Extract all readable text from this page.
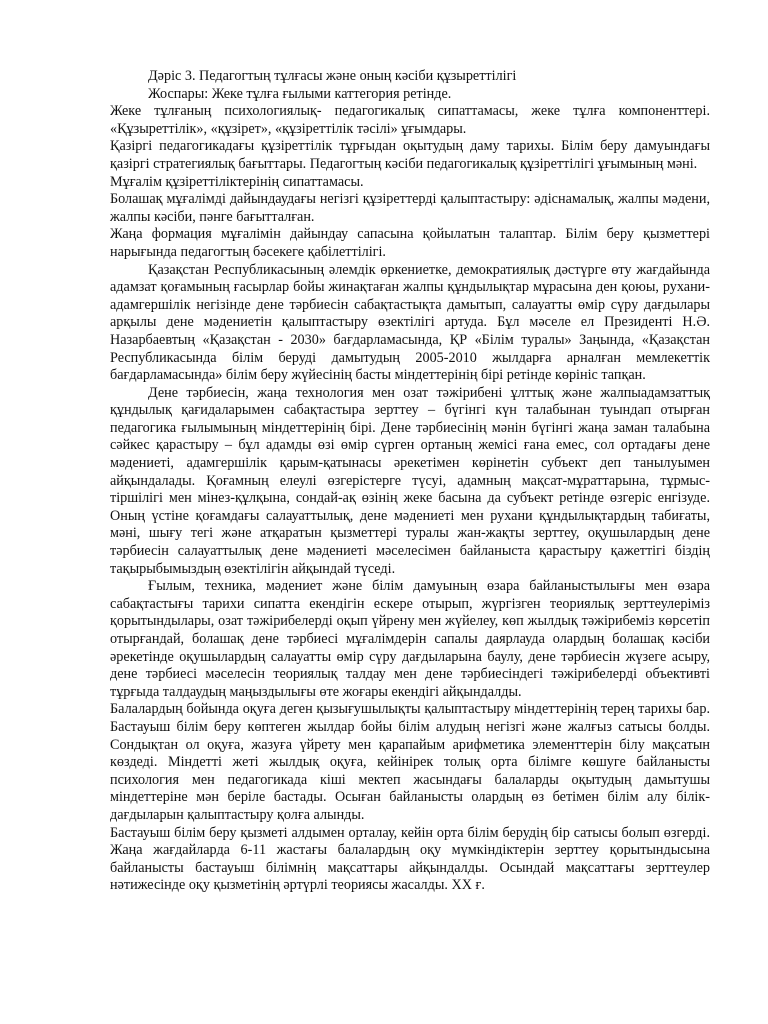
Дәріс 3. Педагогтың тұлғасы және оның кәсіби құзыреттілігі

Жоспары: Жеке тұлға ғылыми каттегория ретінде.

Жеке тұлғаның психологиялық- педагогикалық сипаттамасы, жеке тұлға компоненттері. «Құзыреттілік», «құзірет», «құзіреттілік тәсілі» ұғымдары.

Қазіргі педагогикадағы құзіреттілік тұрғыдан оқытудың даму тарихы. Білім беру дамуындағы қазіргі стратегиялық бағыттары. Педагогтың кәсіби педагогикалық құзіреттілігі ұғымының мәні.

Мұғалім құзіреттіліктерінің сипаттамасы.

Болашақ мұғалімді дайындаудағы негізгі құзіреттерді қалыптастыру: әдіснамалық, жалпы мәдени, жалпы кәсіби, пәнге бағытталған.

Жаңа формация мұғалімін дайындау сапасына қойылатын талаптар. Білім беру қызметтері нарығында педагогтың бәсекеге қабілеттілігі.

Қазақстан Республикасының әлемдік өркениетке, демократиялық дәстүрге өту жағдайында адамзат қоғамының ғасырлар бойы жинақтаған жалпы құндылықтар мұрасына ден қоюы, рухани-адамгершілік негізінде дене тәрбиесін сабақтастықта дамытып, салауатты өмір сүру дағдылары арқылы дене мәдениетін қалыптастыру өзектілігі артуда. Бұл мәселе ел Президенті Н.Ә. Назарбаевтың «Қазақстан - 2030» бағдарламасында, ҚР «Білім туралы» Заңында, «Қазақстан Республикасында білім беруді дамытудың 2005-2010 жылдарға арналған мемлекеттік бағдарламасында» білім беру жүйесінің басты міндеттерінің бірі ретінде көрініс тапқан.

Дене тәрбиесін, жаңа технология мен озат тәжірибені ұлттық және жалпыадамзаттық құндылық қағидаларымен сабақтастыра зерттеу – бүгінгі күн талабынан туындап отырған педагогика ғылымының міндеттерінің бірі. Дене тәрбиесінің мәнін бүгінгі жаңа заман талабына сәйкес қарастыру – бұл адамды өзі өмір сүрген ортаның жемісі ғана емес, сол ортадағы дене мәдениеті, адамгершілік қарым-қатынасы әрекетімен көрінетін субъект деп танылуымен айқындалады. Қоғамның елеулі өзгерістерге түсуі, адамның мақсат-мұраттарына, тұрмыс-тіршілігі мен мінез-құлқына, сондай-ақ өзінің жеке басына да субъект ретінде өзгеріс енгізуде. Оның үстіне қоғамдағы салауаттылық, дене мәдениеті мен рухани құндылықтардың табиғаты, мәні, шығу тегі және атқаратын қызметтері туралы жан-жақты зерттеу, оқушылардың дене тәрбиесін салауаттылық дене мәдениеті мәселесімен байланыста қарастыру қажеттігі біздің тақырыбымыздың өзектілігін айқындай түседі.

Ғылым, техника, мәдениет және білім дамуының өзара байланыстылығы мен өзара сабақтастығы тарихи сипатта екендігін ескере отырып, жүргізген теориялық зерттеулеріміз қорытындылары, озат тәжірибелерді оқып үйрену мен жүйелеу, көп жылдық тәжірибеміз көрсетіп отырғандай, болашақ дене тәрбиесі мұғалімдерін сапалы даярлауда олардың болашақ кәсіби әрекетінде оқушылардың салауатты өмір сүру дағдыларына баулу, дене тәрбиесін жүзеге асыру, дене тәрбиесі мәселесін теориялық талдау мен дене тәрбиесіндегі тәжірибелерді объективті тұрғыда талдаудың маңыздылығы өте жоғары екендігі айқындалды.

Балалардың бойында оқуға деген қызығушылықты қалыптастыру міндеттерінің терең тарихы бар. Бастауыш білім беру көптеген жылдар бойы білім алудың негізгі және жалғыз сатысы болды. Сондықтан ол оқуға, жазуға үйрету мен қарапайым арифметика элементтерін білу мақсатын көздеді. Міндетті жеті жылдық оқуға, кейінірек толық орта білімге көшуге байланысты психология мен педагогикада кіші мектеп жасындағы балаларды оқытудың дамытушы міндеттеріне мән беріле бастады. Осыған байланысты олардың өз бетімен білім алу білік-дағдыларын қалыптастыру қолға алынды.

Бастауыш білім беру қызметі алдымен орталау, кейін орта білім берудің бір сатысы болып өзгерді. Жаңа жағдайларда 6-11 жастағы балалардың оқу мүмкіндіктерін зерттеу қорытындысына байланысты бастауыш білімнің мақсаттары айқындалды. Осындай мақсаттағы зерттеулер нәтижесінде оқу қызметінің әртүрлі теориясы жасалды. XX ғ.
